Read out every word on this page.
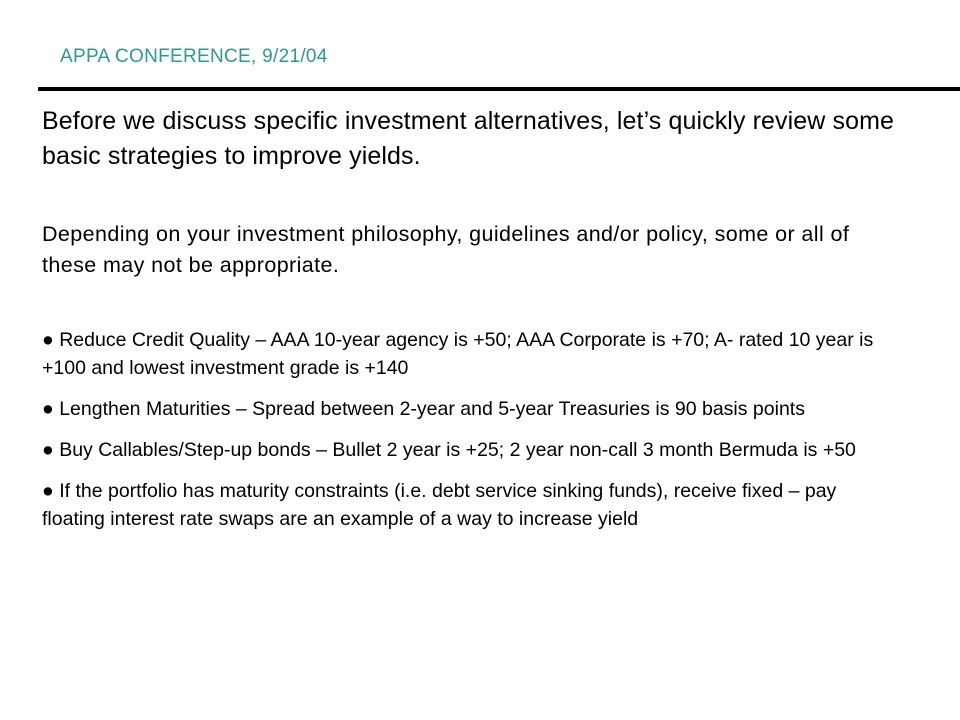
APPA CONFERENCE, 9/21/04

Before we discuss specific investment alternatives, let’s quickly review some basic strategies to improve yields.

Depending on your investment philosophy, guidelines and/or policy, some or all of these may not be appropriate.

● Reduce Credit Quality – AAA 10-year agency is +50; AAA Corporate is +70; A- rated 10 year is +100 and lowest investment grade is +140
● Lengthen Maturities – Spread between 2-year and 5-year Treasuries is 90 basis points
● Buy Callables/Step-up bonds – Bullet 2 year is +25; 2 year non-call 3 month Bermuda is +50
● If the portfolio has maturity constraints (i.e. debt service sinking funds), receive fixed – pay floating interest rate swaps are an example of a way to increase yield
